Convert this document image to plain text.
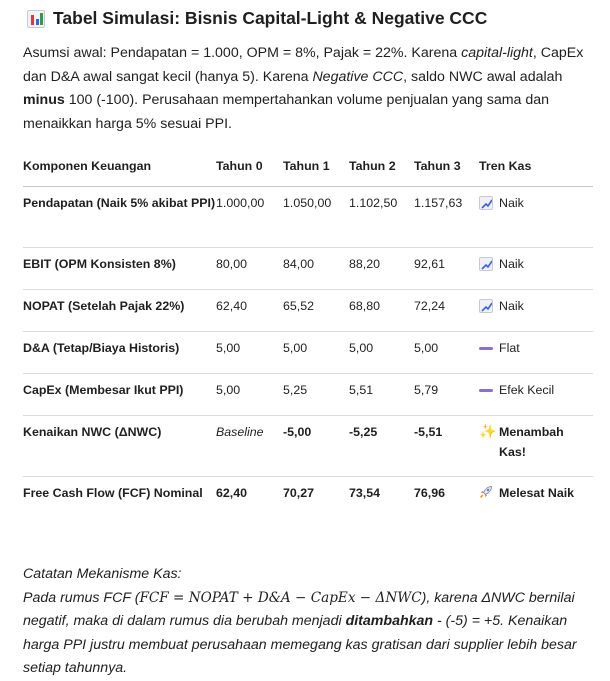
Tabel Simulasi: Bisnis Capital-Light & Negative CCC

Asumsi awal: Pendapatan = 1.000, OPM = 8%, Pajak = 22%. Karena capital-light, CapEx dan D&A awal sangat kecil (hanya 5). Karena Negative CCC, saldo NWC awal adalah minus 100 (-100). Perusahaan mempertahankan volume penjualan yang sama dan menaikkan harga 5% sesuai PPI.

Komponen Keuangan	Tahun 0	Tahun 1	Tahun 2	Tahun 3	Tren Kas

Pendapatan (Naik 5% akibat PPI)	1.000,00	1.050,00	1.102,50	1.157,63	Naik

EBIT (OPM Konsisten 8%)	80,00	84,00	88,20	92,61	Naik

NOPAT (Setelah Pajak 22%)	62,40	65,52	68,80	72,24	Naik

D&A (Tetap/Biaya Historis)	5,00	5,00	5,00	5,00	Flat

CapEx (Membesar Ikut PPI)	5,00	5,25	5,51	5,79	Efek Kecil

Kenaikan NWC (ΔNWC)	Baseline	-5,00	-5,25	-5,51	✨ Menambah Kas!

Free Cash Flow (FCF) Nominal	62,40	70,27	73,54	76,96	Melesat Naik
Catatan Mekanisme Kas:
Pada rumus FCF (FCF = NOPAT + D&A − CapEx − ΔNWC), karena ΔNWC bernilai negatif, maka di dalam rumus dia berubah menjadi ditambahkan - (-5) = +5. Kenaikan harga PPI justru membuat perusahaan memegang kas gratisan dari supplier lebih besar setiap tahunnya.
